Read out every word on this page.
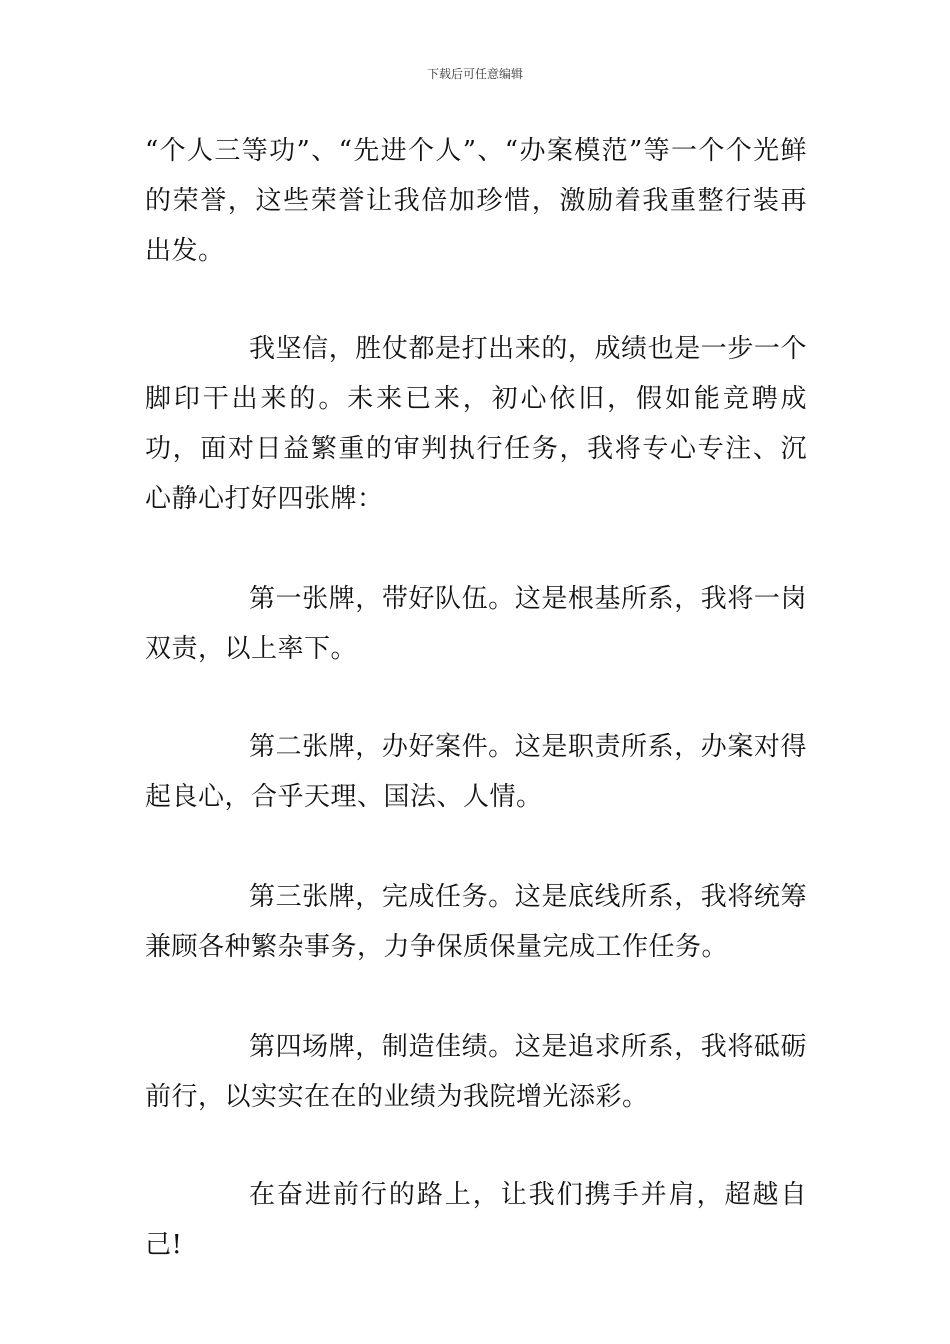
下载后可任意编辑

“个人三等功”、“先进个人”、“办案模范”等一个个光鲜的荣誉，这些荣誉让我倍加珍惜，激励着我重整行装再出发。

我坚信，胜仗都是打出来的，成绩也是一步一个脚印干出来的。未来已来，初心依旧，假如能竞聘成功，面对日益繁重的审判执行任务，我将专心专注、沉心静心打好四张牌：

第一张牌，带好队伍。这是根基所系，我将一岗双责，以上率下。

第二张牌，办好案件。这是职责所系，办案对得起良心，合乎天理、国法、人情。

第三张牌，完成任务。这是底线所系，我将统筹兼顾各种繁杂事务，力争保质保量完成工作任务。

第四场牌，制造佳绩。这是追求所系，我将砥砺前行，以实实在在的业绩为我院增光添彩。

在奋进前行的路上，让我们携手并肩，超越自己!
